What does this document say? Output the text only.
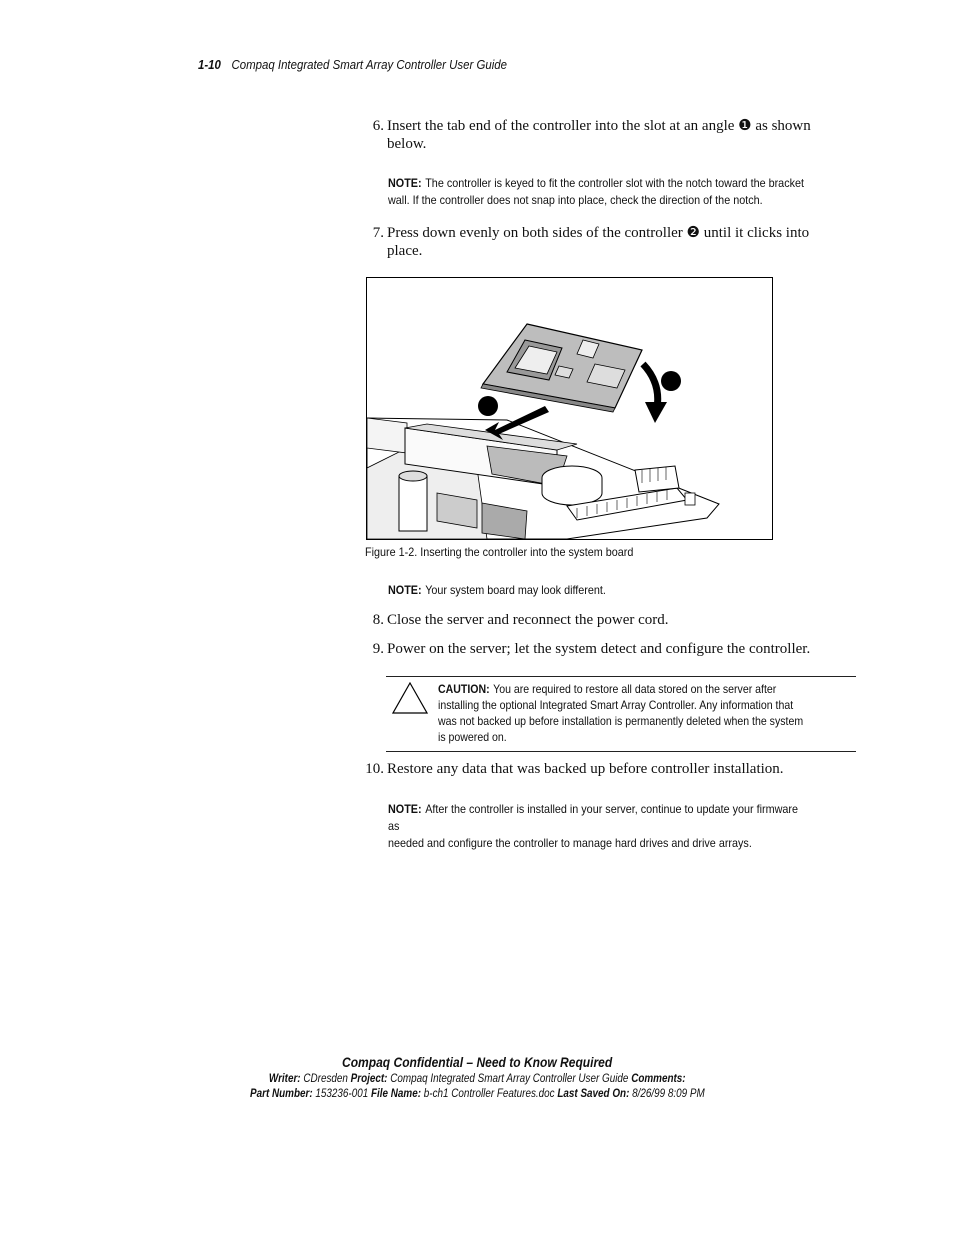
1-10 Compaq Integrated Smart Array Controller User Guide
6. Insert the tab end of the controller into the slot at an angle ❶ as shown
below.
NOTE: The controller is keyed to fit the controller slot with the notch toward the bracket
wall. If the controller does not snap into place, check the direction of the notch.
7. Press down evenly on both sides of the controller ❷ until it clicks into
place.
Figure 1-2. Inserting the controller into the system board
NOTE: Your system board may look different.
8. Close the server and reconnect the power cord.
9. Power on the server; let the system detect and configure the controller.
CAUTION: You are required to restore all data stored on the server after
installing the optional Integrated Smart Array Controller. Any information that
was not backed up before installation is permanently deleted when the system
is powered on.
10. Restore any data that was backed up before controller installation.
NOTE: After the controller is installed in your server, continue to update your firmware as
needed and configure the controller to manage hard drives and drive arrays.
Compaq Confidential – Need to Know Required
Writer: CDresden Project: Compaq Integrated Smart Array Controller User Guide Comments:
Part Number: 153236-001 File Name: b-ch1 Controller Features.doc Last Saved On: 8/26/99 8:09 PM
